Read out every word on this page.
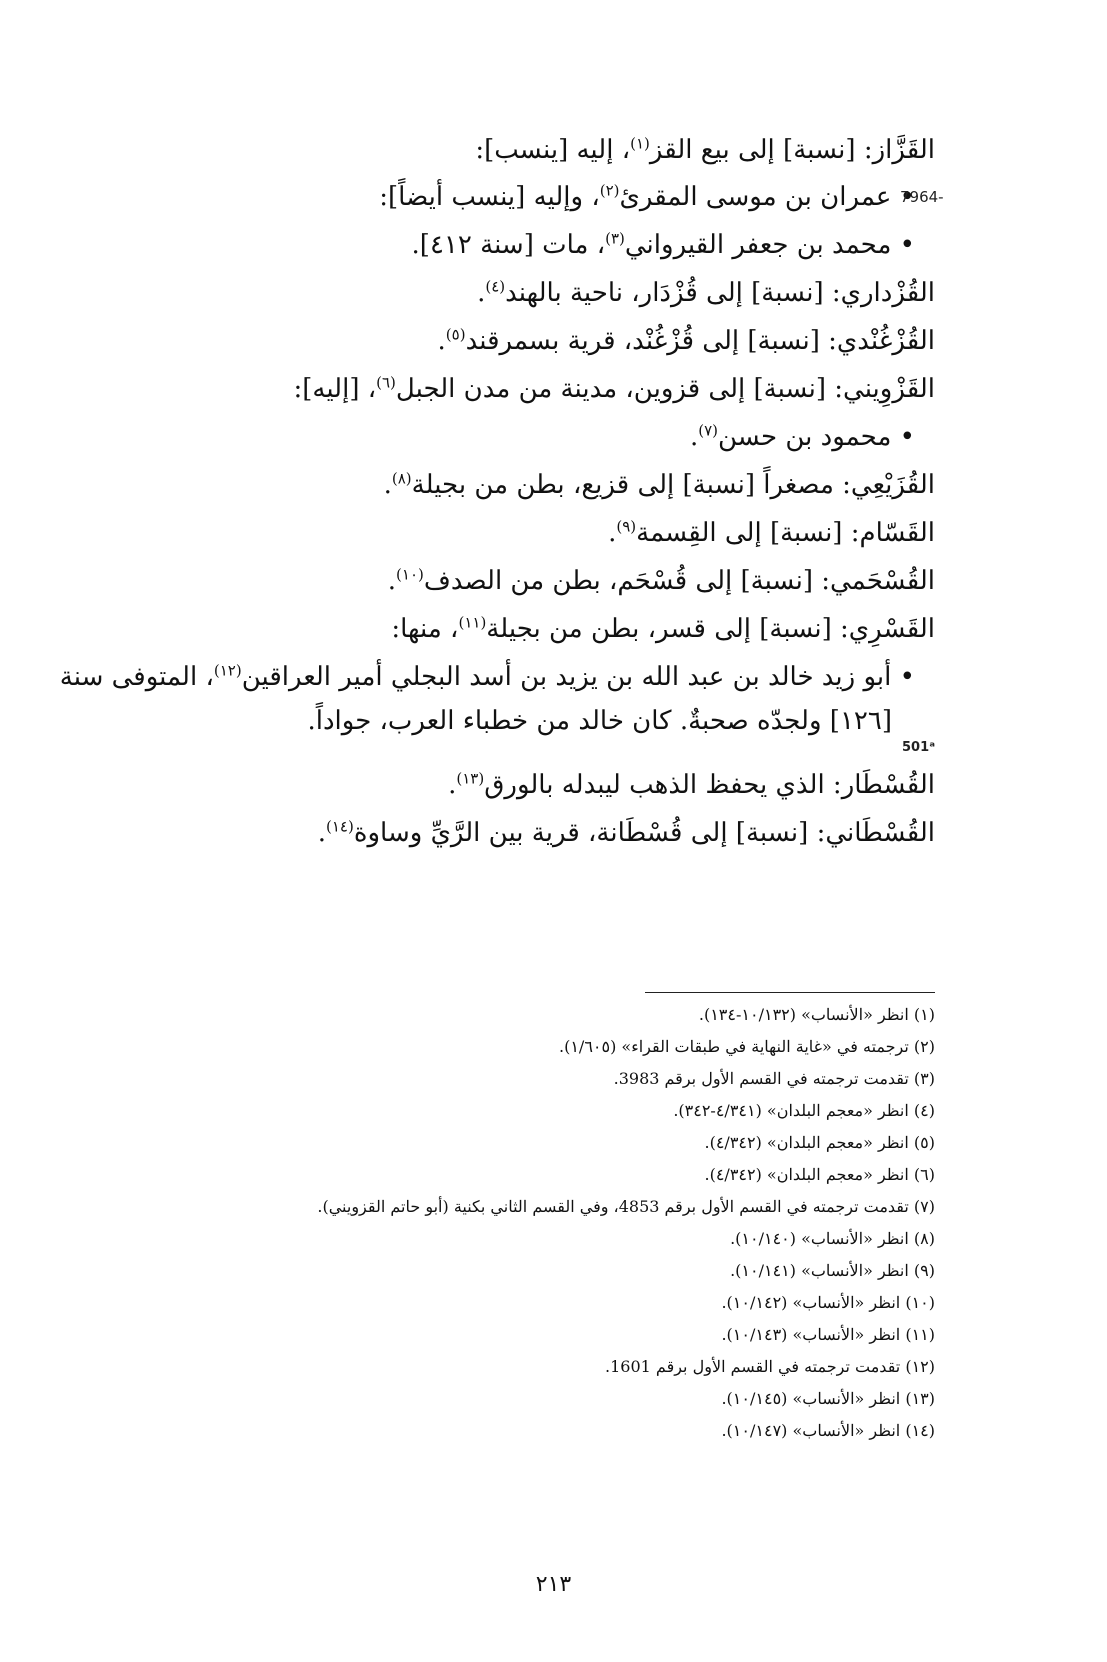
القَزَّاز: [نسبة] إلى بيع القز$^{(١)}$، إليه [ينسب]:
• عمران بن موسى المقرئ$^{(٢)}$، وإليه [ينسب أيضاً]:
• محمد بن جعفر القيرواني$^{(٣)}$، مات [سنة ٤١٢].
القُزْداري: [نسبة] إلى قُزْدَار، ناحية بالهند$^{(٤)}$.
القُزْغُنْدي: [نسبة] إلى قُزْغُنْد، قرية بسمرقند$^{(٥)}$.
القَزْوِيني: [نسبة] إلى قزوين، مدينة من مدن الجبل$^{(٦)}$، [إليه]:
• محمود بن حسن$^{(٧)}$.
القُزَيْعِي: مصغراً [نسبة] إلى قزيع، بطن من بجيلة$^{(٨)}$.
القَسّام: [نسبة] إلى القِسمة$^{(٩)}$.
القُسْحَمي: [نسبة] إلى قُسْحَم، بطن من الصدف$^{(١٠)}$.
القَسْرِي: [نسبة] إلى قسر، بطن من بجيلة$^{(١١)}$، منها:
• أبو زيد خالد بن عبد الله بن يزيد بن أسد البجلي أمير العراقين$^{(١٢)}$، المتوفى سنة
[١٢٦] ولجدّه صحبةٌ. كان خالد من خطباء العرب، جواداً.
القُسْطَار: الذي يحفظ الذهب ليبدله بالورق$^{(١٣)}$.
القُسْطَاني: [نسبة] إلى قُسْطَانة، قرية بين الرَّيِّ وساوة$^{(١٤)}$.
7964-
501ᵃ
(١) انظر «الأنساب» (١٠/١٣٢-١٣٤).
(٢) ترجمته في «غاية النهاية في طبقات القراء» (١/٦٠٥).
(٣) تقدمت ترجمته في القسم الأول برقم 3983.
(٤) انظر «معجم البلدان» (٤/٣٤١-٣٤٢).
(٥) انظر «معجم البلدان» (٤/٣٤٢).
(٦) انظر «معجم البلدان» (٤/٣٤٢).
(٧) تقدمت ترجمته في القسم الأول برقم 4853، وفي القسم الثاني بكنية (أبو حاتم القزويني).
(٨) انظر «الأنساب» (١٠/١٤٠).
(٩) انظر «الأنساب» (١٠/١٤١).
(١٠) انظر «الأنساب» (١٠/١٤٢).
(١١) انظر «الأنساب» (١٠/١٤٣).
(١٢) تقدمت ترجمته في القسم الأول برقم 1601.
(١٣) انظر «الأنساب» (١٠/١٤٥).
(١٤) انظر «الأنساب» (١٠/١٤٧).
٢١٣
